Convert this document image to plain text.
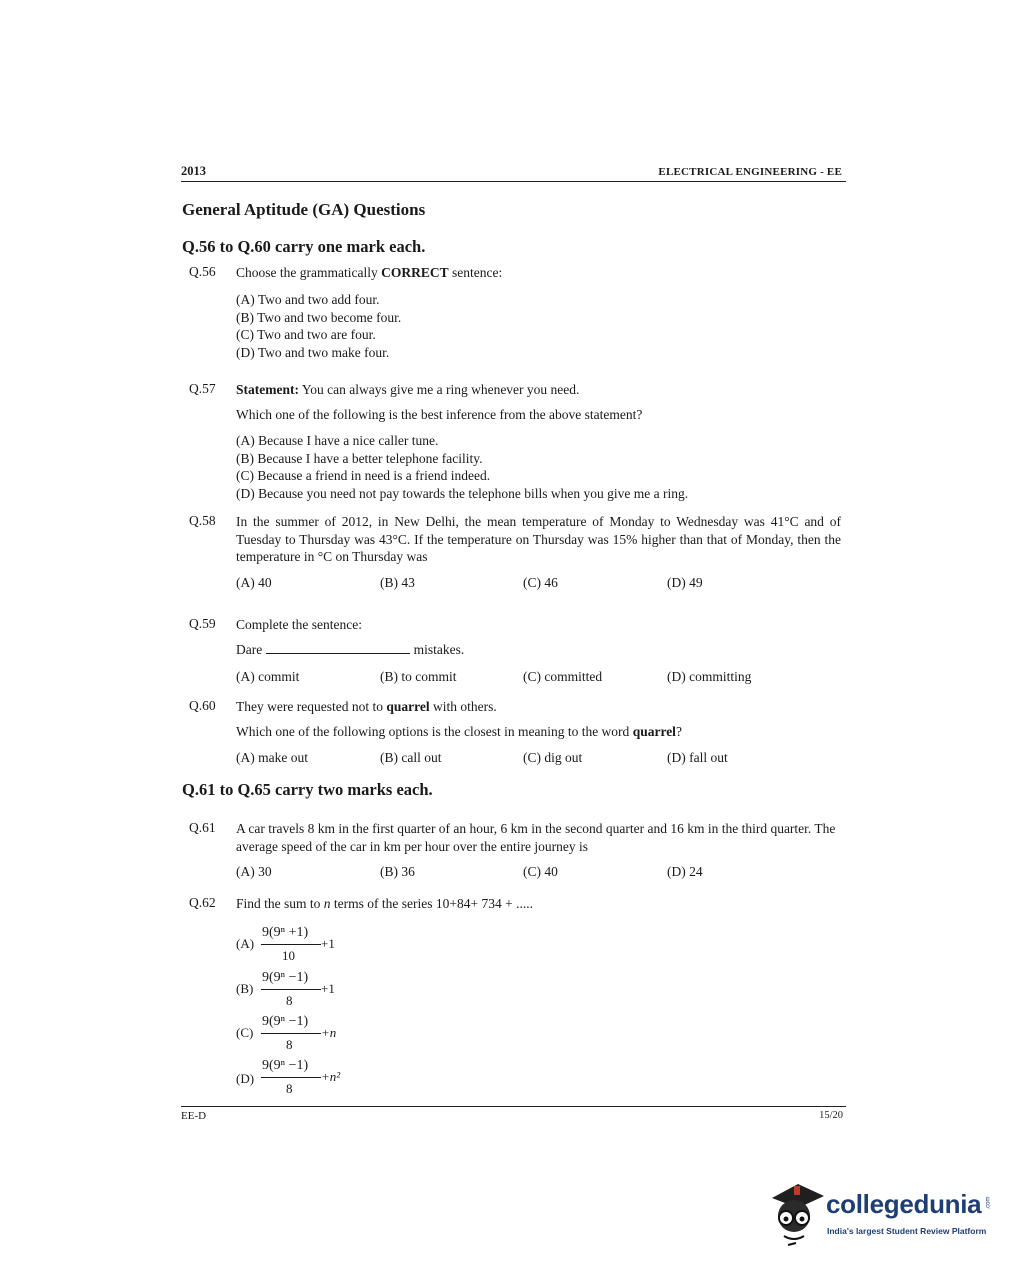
2013	ELECTRICAL ENGINEERING - EE
General Aptitude (GA) Questions
Q.56 to Q.60 carry one mark each.
Q.56 Choose the grammatically CORRECT sentence:
(A) Two and two add four.
(B) Two and two become four.
(C) Two and two are four.
(D) Two and two make four.
Q.57 Statement: You can always give me a ring whenever you need.
Which one of the following is the best inference from the above statement?
(A) Because I have a nice caller tune.
(B) Because I have a better telephone facility.
(C) Because a friend in need is a friend indeed.
(D) Because you need not pay towards the telephone bills when you give me a ring.
Q.58 In the summer of 2012, in New Delhi, the mean temperature of Monday to Wednesday was 41°C and of Tuesday to Thursday was 43°C. If the temperature on Thursday was 15% higher than that of Monday, then the temperature in °C on Thursday was
(A) 40	(B) 43	(C) 46	(D) 49
Q.59 Complete the sentence:
Dare	mistakes.
(A) commit	(B) to commit	(C) committed	(D) committing
Q.60 They were requested not to quarrel with others.
Which one of the following options is the closest in meaning to the word quarrel?
(A) make out	(B) call out	(C) dig out	(D) fall out
Q.61 to Q.65 carry two marks each.
Q.61 A car travels 8 km in the first quarter of an hour, 6 km in the second quarter and 16 km in the third quarter. The average speed of the car in km per hour over the entire journey is
(A) 30	(B) 36	(C) 40	(D) 24
Q.62 Find the sum to n terms of the series 10+84+ 734 + .....
(A)
9(9ⁿ +1)
10
+1
(B)
9(9ⁿ −1)
8
+1
(C)
9(9ⁿ −1)
8
+n
(D)
9(9ⁿ −1)
8
+n²
EE-D	15/20
collegedunia .com
India's largest Student Review Platform
